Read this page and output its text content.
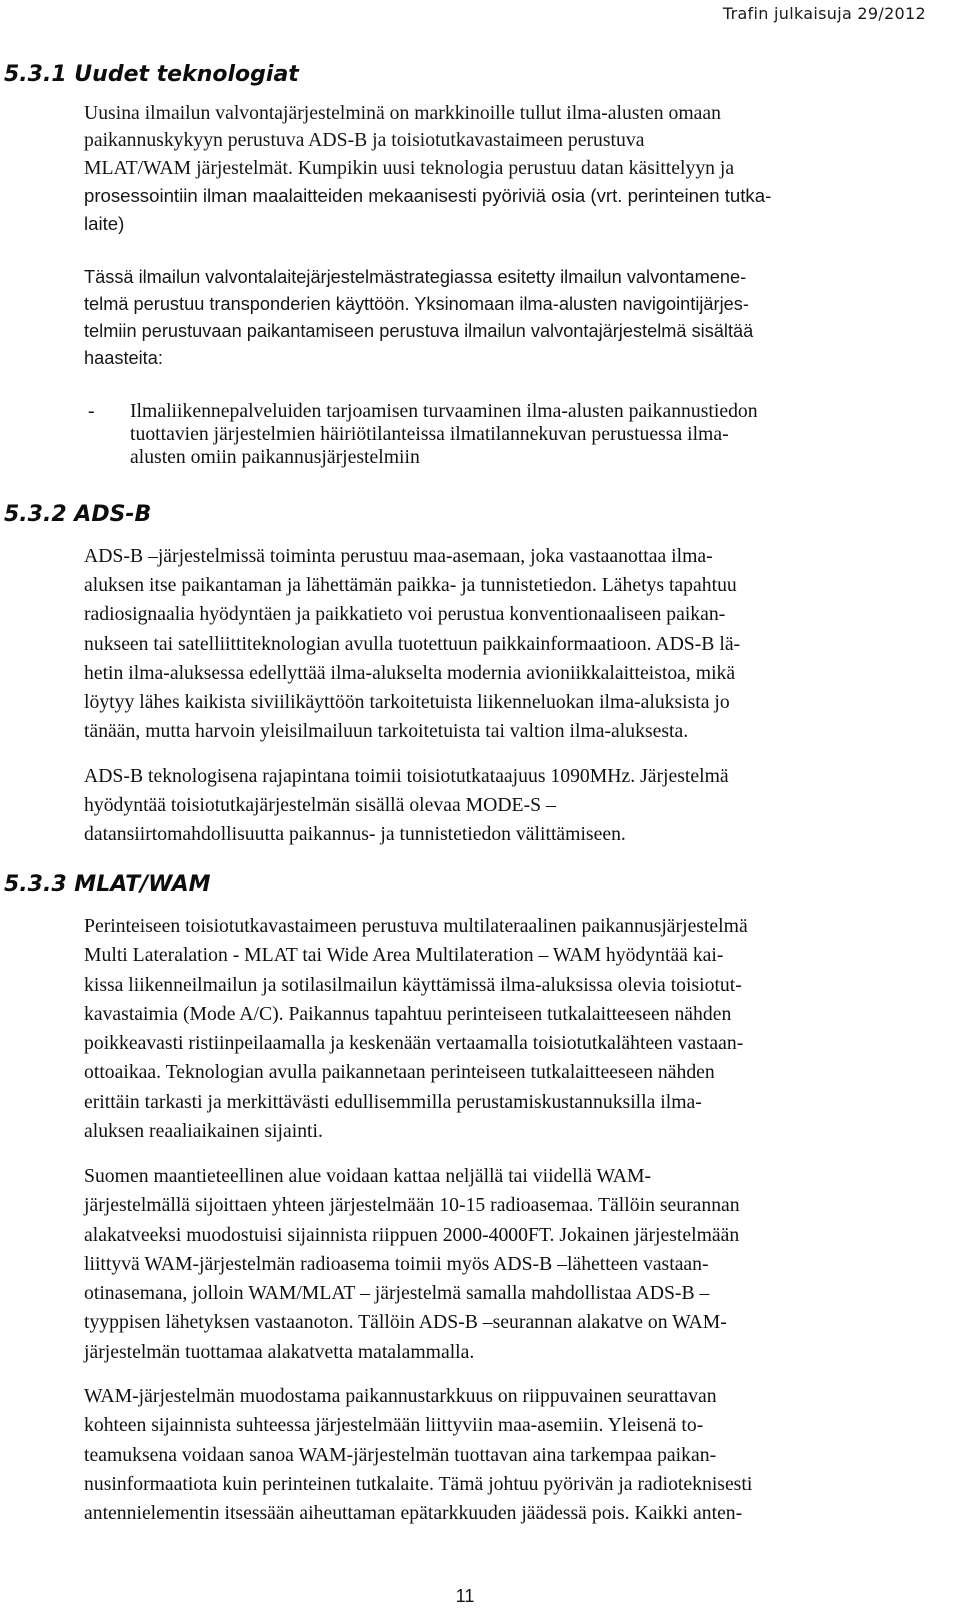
Trafin julkaisuja 29/2012
5.3.1 Uudet teknologiat

Uusina ilmailun valvontajärjestelminä on markkinoille tullut ilma-alusten omaan
paikannuskykyyn perustuva ADS-B ja toisiotutkavastaimeen perustuva
MLAT/WAM järjestelmät. Kumpikin uusi teknologia perustuu datan käsittelyyn ja
prosessointiin ilman maalaitteiden mekaanisesti pyöriviä osia (vrt. perinteinen tutka-
laite)

Tässä ilmailun valvontalaitejärjestelmästrategiassa esitetty ilmailun valvontamene-
telmä perustuu transponderien käyttöön. Yksinomaan ilma-alusten navigointijärjes-
telmiin perustuvaan paikantamiseen perustuva ilmailun valvontajärjestelmä sisältää
haasteita:

- Ilmaliikennepalveluiden tarjoamisen turvaaminen ilma-alusten paikannustiedon
tuottavien järjestelmien häiriötilanteissa ilmatilannekuvan perustuessa ilma-
alusten omiin paikannusjärjestelmiin
5.3.2 ADS-B

ADS-B –järjestelmissä toiminta perustuu maa-asemaan, joka vastaanottaa ilma-
aluksen itse paikantaman ja lähettämän paikka- ja tunnistetiedon. Lähetys tapahtuu
radiosignaalia hyödyntäen ja paikkatieto voi perustua konventionaaliseen paikan-
nukseen tai satelliittiteknologian avulla tuotettuun paikkainformaatioon. ADS-B lä-
hetin ilma-aluksessa edellyttää ilma-alukselta modernia avioniikkalaitteistoa, mikä
löytyy lähes kaikista siviilikäyttöön tarkoitetuista liikenneluokan ilma-aluksista jo
tänään, mutta harvoin yleisilmailuun tarkoitetuista tai valtion ilma-aluksesta.

ADS-B teknologisena rajapintana toimii toisiotutkataajuus 1090MHz. Järjestelmä
hyödyntää toisiotutkajärjestelmän sisällä olevaa MODE-S –
datansiirtomahdollisuutta paikannus- ja tunnistetiedon välittämiseen.

5.3.3 MLAT/WAM

Perinteiseen toisiotutkavastaimeen perustuva multilateraalinen paikannusjärjestelmä
Multi Lateralation - MLAT tai Wide Area Multilateration – WAM hyödyntää kai-
kissa liikenneilmailun ja sotilasilmailun käyttämissä ilma-aluksissa olevia toisiotut-
kavastaimia (Mode A/C). Paikannus tapahtuu perinteiseen tutkalaitteeseen nähden
poikkeavasti ristiinpeilaamalla ja keskenään vertaamalla toisiotutkalähteen vastaan-
ottoaikaa. Teknologian avulla paikannetaan perinteiseen tutkalaitteeseen nähden
erittäin tarkasti ja merkittävästi edullisemmilla perustamiskustannuksilla ilma-
aluksen reaaliaikainen sijainti.

Suomen maantieteellinen alue voidaan kattaa neljällä tai viidellä WAM-
järjestelmällä sijoittaen yhteen järjestelmään 10-15 radioasemaa. Tällöin seurannan
alakatveeksi muodostuisi sijainnista riippuen 2000-4000FT. Jokainen järjestelmään
liittyvä WAM-järjestelmän radioasema toimii myös ADS-B –lähetteen vastaan-
otinasemana, jolloin WAM/MLAT – järjestelmä samalla mahdollistaa ADS-B –
tyyppisen lähetyksen vastaanoton. Tällöin ADS-B –seurannan alakatve on WAM-
järjestelmän tuottamaa alakatvetta matalammalla.

WAM-järjestelmän muodostama paikannustarkkuus on riippuvainen seurattavan
kohteen sijainnista suhteessa järjestelmään liittyviin maa-asemiin. Yleisenä to-
teamuksena voidaan sanoa WAM-järjestelmän tuottavan aina tarkempaa paikan-
nusinformaatiota kuin perinteinen tutkalaite. Tämä johtuu pyörivän ja radioteknisesti
antennielementin itsessään aiheuttaman epätarkkuuden jäädessä pois. Kaikki anten-

11
